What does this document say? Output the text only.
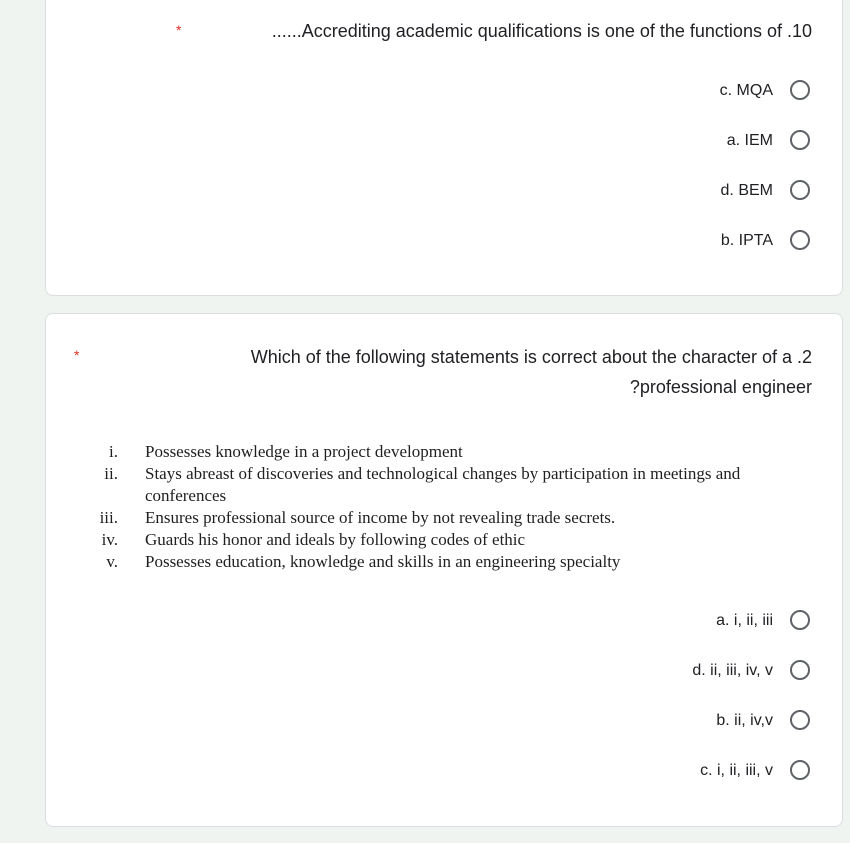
*	......Accrediting academic qualifications is one of the functions of .10
c. MQA
a. IEM
d. BEM
b. IPTA
*	Which of the following statements is correct about the character of a .2
?professional engineer
i. Possesses knowledge in a project development
ii. Stays abreast of discoveries and technological changes by participation in meetings and conferences
iii. Ensures professional source of income by not revealing trade secrets.
iv. Guards his honor and ideals by following codes of ethic
v. Possesses education, knowledge and skills in an engineering specialty
a. i, ii, iii
d. ii, iii, iv, v
b. ii, iv,v
c. i, ii, iii, v
